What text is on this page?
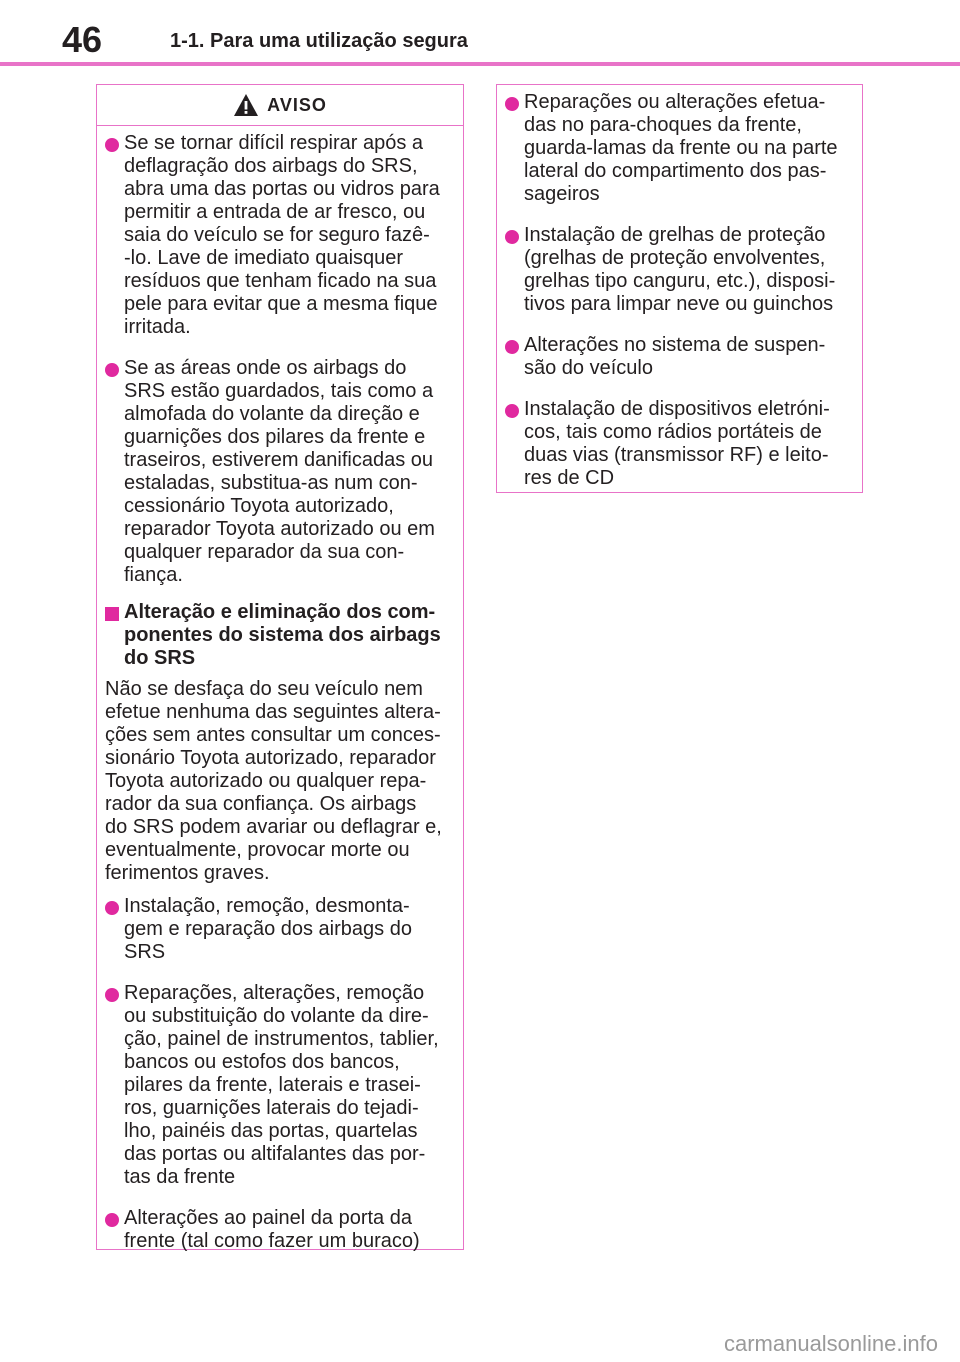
46	1-1. Para uma utilização segura
AVISO
Se se tornar difícil respirar após a
deflagração dos airbags do SRS,
abra uma das portas ou vidros para
permitir a entrada de ar fresco, ou
saia do veículo se for seguro fazê-
-lo. Lave de imediato quaisquer
resíduos que tenham ficado na sua
pele para evitar que a mesma fique
irritada.
Se as áreas onde os airbags do
SRS estão guardados, tais como a
almofada do volante da direção e
guarnições dos pilares da frente e
traseiros, estiverem danificadas ou
estaladas, substitua-as num con-
cessionário Toyota autorizado,
reparador Toyota autorizado ou em
qualquer reparador da sua con-
fiança.
Alteração e eliminação dos com-
ponentes do sistema dos airbags
do SRS

Não se desfaça do seu veículo nem
efetue nenhuma das seguintes altera-
ções sem antes consultar um conces-
sionário Toyota autorizado, reparador
Toyota autorizado ou qualquer repa-
rador da sua confiança. Os airbags
do SRS podem avariar ou deflagrar e,
eventualmente, provocar morte ou
ferimentos graves.

Instalação, remoção, desmonta-
gem e reparação dos airbags do
SRS
Reparações, alterações, remoção
ou substituição do volante da dire-
ção, painel de instrumentos, tablier,
bancos ou estofos dos bancos,
pilares da frente, laterais e trasei-
ros, guarnições laterais do tejadi-
lho, painéis das portas, quartelas
das portas ou altifalantes das por-
tas da frente
Alterações ao painel da porta da
frente (tal como fazer um buraco)
Reparações ou alterações efetua-
das no para-choques da frente,
guarda-lamas da frente ou na parte
lateral do compartimento dos pas-
sageiros
Instalação de grelhas de proteção
(grelhas de proteção envolventes,
grelhas tipo canguru, etc.), disposi-
tivos para limpar neve ou guinchos
Alterações no sistema de suspen-
são do veículo
Instalação de dispositivos eletróni-
cos, tais como rádios portáteis de
duas vias (transmissor RF) e leito-
res de CD
carmanualsonline.info
